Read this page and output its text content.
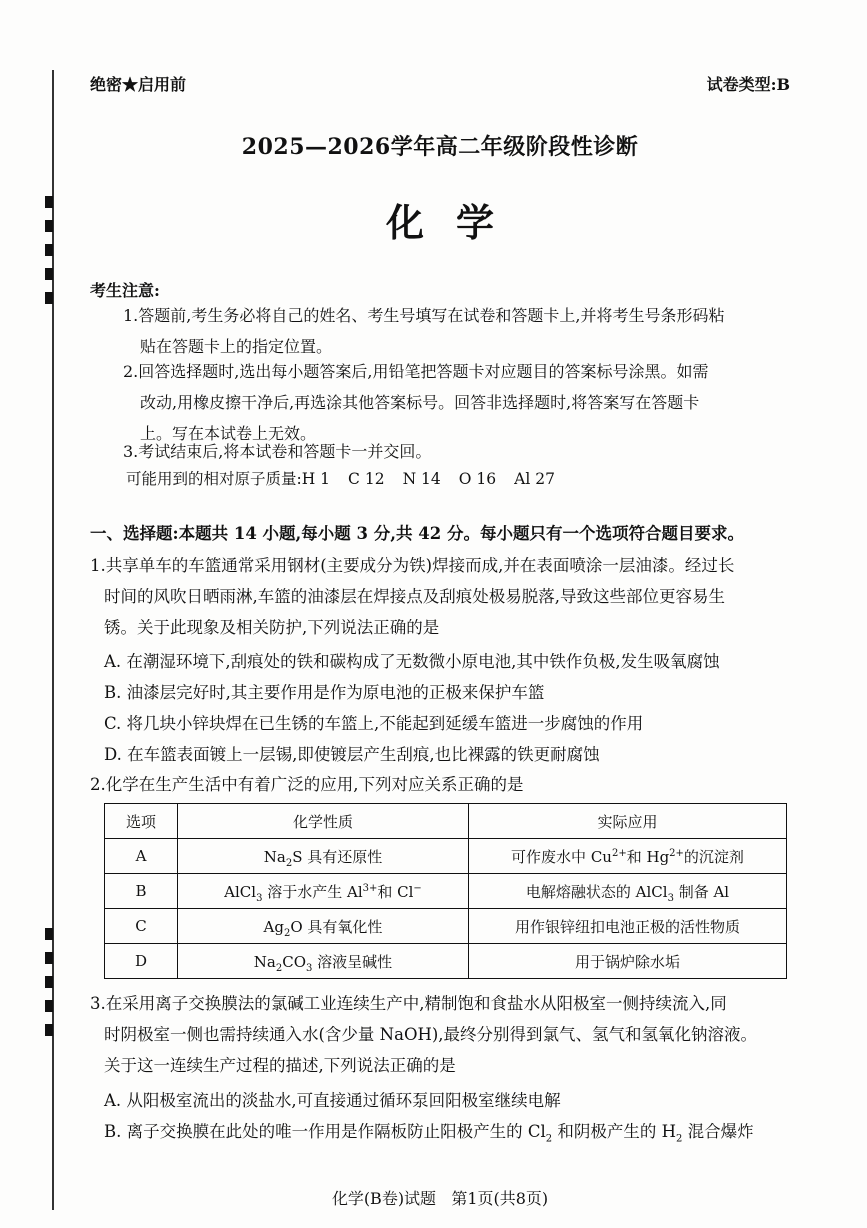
绝密★启用前	试卷类型:B
2025—2026学年高二年级阶段性诊断
化学
考生注意:
1.答题前,考生务必将自己的姓名、考生号填写在试卷和答题卡上,并将考生号条形码粘
贴在答题卡上的指定位置。
2.回答选择题时,选出每小题答案后,用铅笔把答题卡对应题目的答案标号涂黑。如需
改动,用橡皮擦干净后,再选涂其他答案标号。回答非选择题时,将答案写在答题卡
上。写在本试卷上无效。
3.考试结束后,将本试卷和答题卡一并交回。
可能用到的相对原子质量:H 1 C 12 N 14 O 16 Al 27
一、选择题:本题共 14 小题,每小题 3 分,共 42 分。每小题只有一个选项符合题目要求。
1.共享单车的车篮通常采用钢材(主要成分为铁)焊接而成,并在表面喷涂一层油漆。经过长
时间的风吹日晒雨淋,车篮的油漆层在焊接点及刮痕处极易脱落,导致这些部位更容易生
锈。关于此现象及相关防护,下列说法正确的是
A. 在潮湿环境下,刮痕处的铁和碳构成了无数微小原电池,其中铁作负极,发生吸氧腐蚀
B. 油漆层完好时,其主要作用是作为原电池的正极来保护车篮
C. 将几块小锌块焊在已生锈的车篮上,不能起到延缓车篮进一步腐蚀的作用
D. 在车篮表面镀上一层锡,即使镀层产生刮痕,也比裸露的铁更耐腐蚀
2.化学在生产生活中有着广泛的应用,下列对应关系正确的是
选项	化学性质	实际应用
A	$Na_2S$ 具有还原性	可作废水中 $Cu^{2+}$和 $Hg^{2+}$的沉淀剂
B	AlCl$_3$ 溶于水产生 $Al^{3+}$和 Cl−	电解熔融状态的 AlCl$_3$ 制备 Al
C	$Ag_2O$ 具有氧化性	用作银锌纽扣电池正极的活性物质
D	$Na_2CO_3$ 溶液呈碱性	用于锅炉除水垢
3.在采用离子交换膜法的氯碱工业连续生产中,精制饱和食盐水从阳极室一侧持续流入,同
时阴极室一侧也需持续通入水(含少量 NaOH),最终分别得到氯气、氢气和氢氧化钠溶液。
关于这一连续生产过程的描述,下列说法正确的是
A. 从阳极室流出的淡盐水,可直接通过循环泵回阳极室继续电解
B. 离子交换膜在此处的唯一作用是作隔板防止阳极产生的 $Cl_2$ 和阴极产生的 $H_2$ 混合爆炸
化学(B卷)试题   第1页(共8页)
